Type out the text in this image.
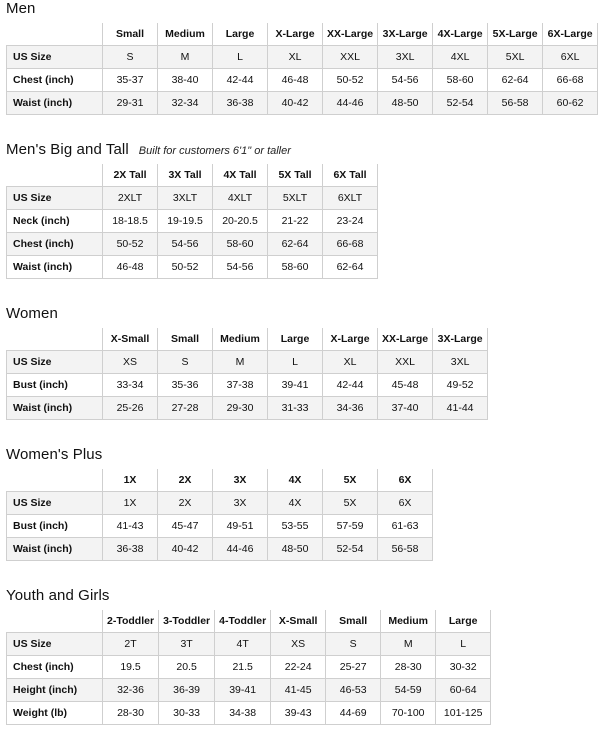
Men
	Small	Medium	Large	X-Large	XX-Large	3X-Large	4X-Large	5X-Large	6X-Large
US Size	S	M	L	XL	XXL	3XL	4XL	5XL	6XL
Chest (inch)	35-37	38-40	42-44	46-48	50-52	54-56	58-60	62-64	66-68
Waist (inch)	29-31	32-34	36-38	40-42	44-46	48-50	52-54	56-58	60-62
Men's Big and Tall Built for customers 6'1" or taller
	2X Tall	3X Tall	4X Tall	5X Tall	6X Tall
US Size	2XLT	3XLT	4XLT	5XLT	6XLT
Neck (inch)	18-18.5	19-19.5	20-20.5	21-22	23-24
Chest (inch)	50-52	54-56	58-60	62-64	66-68
Waist (inch)	46-48	50-52	54-56	58-60	62-64
Women
	X-Small	Small	Medium	Large	X-Large	XX-Large	3X-Large
US Size	XS	S	M	L	XL	XXL	3XL
Bust (inch)	33-34	35-36	37-38	39-41	42-44	45-48	49-52
Waist (inch)	25-26	27-28	29-30	31-33	34-36	37-40	41-44
Women's Plus
	1X	2X	3X	4X	5X	6X
US Size	1X	2X	3X	4X	5X	6X
Bust (inch)	41-43	45-47	49-51	53-55	57-59	61-63
Waist (inch)	36-38	40-42	44-46	48-50	52-54	56-58
Youth and Girls
	2-Toddler	3-Toddler	4-Toddler	X-Small	Small	Medium	Large
US Size	2T	3T	4T	XS	S	M	L
Chest (inch)	19.5	20.5	21.5	22-24	25-27	28-30	30-32
Height (inch)	32-36	36-39	39-41	41-45	46-53	54-59	60-64
Weight (lb)	28-30	30-33	34-38	39-43	44-69	70-100	101-125
